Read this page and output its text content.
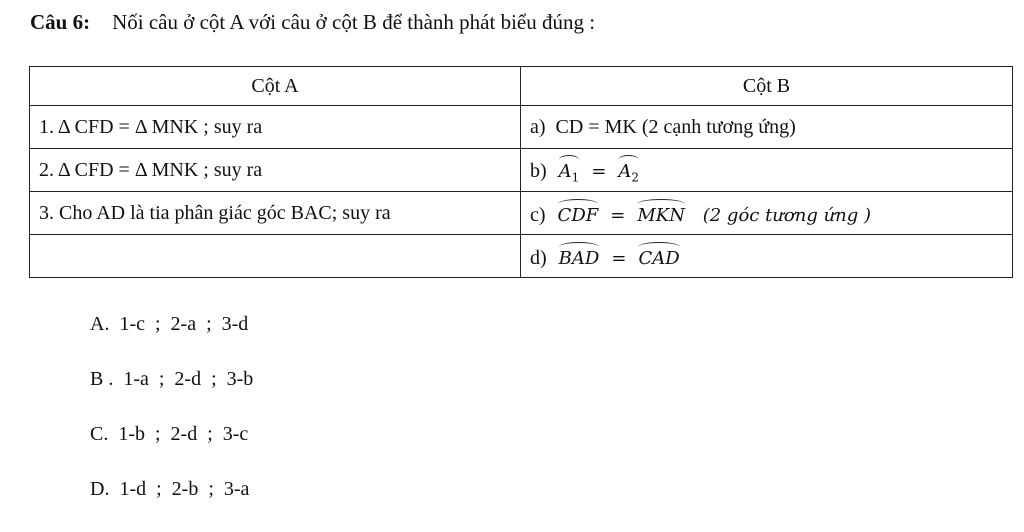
Câu 6: Nối câu ở cột A với câu ở cột B để thành phát biểu đúng :
Cột A	Cột B
1. Δ CFD = Δ MNK ; suy ra	a) CD = MK (2 cạnh tương ứng)
2. Δ CFD = Δ MNK ; suy ra	b) $A_1 = A_2$
3. Cho AD là tia phân giác góc BAC; suy ra	c) CDF = MKN (2 góc tương ứng )
	d) BAD = CAD
A.  1-c  ;  2-a  ;  3-d
B .  1-a  ;  2-d  ;  3-b
C.  1-b  ;  2-d  ;  3-c
D.  1-d  ;  2-b  ;  3-a
